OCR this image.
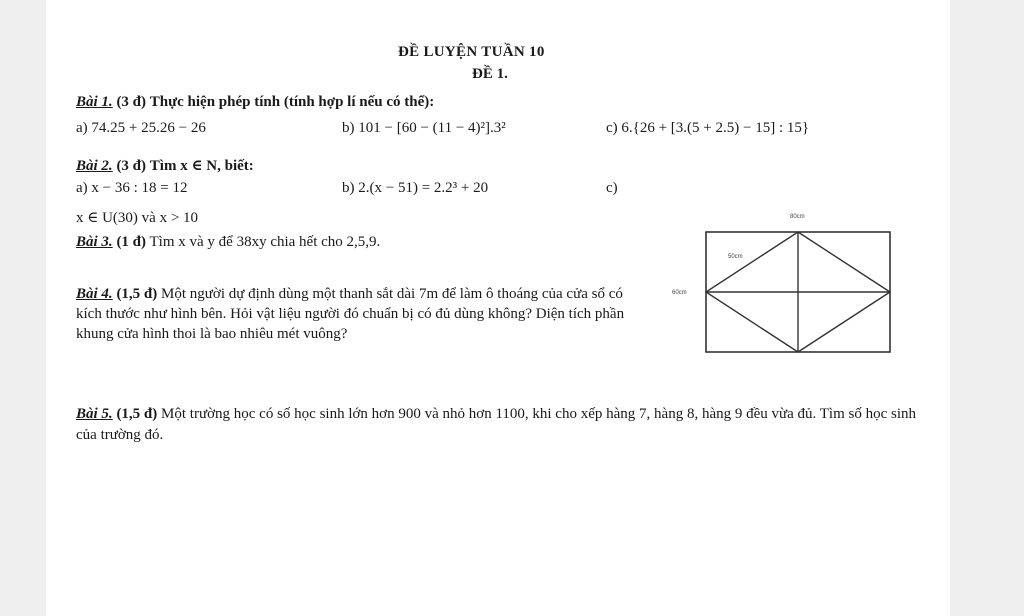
ĐỀ LUYỆN TUẦN 10
ĐỀ 1.
Bài 1. (3 đ) Thực hiện phép tính (tính hợp lí nếu có thể):
a) 74.25 + 25.26 − 26	b) 101 − [60 − (11 − 4)²].3²	c) 6.{26 + [3.(5 + 2.5) − 15] : 15}
Bài 2. (3 đ) Tìm x ∈ N, biết:
a) x − 36 : 18 = 12	b) 2.(x − 51) = 2.2³ + 20	c)
x ∈ U(30) và x > 10
Bài 3. (1 đ) Tìm x và y để 38xy chia hết cho 2,5,9.
Bài 4. (1,5 đ) Một người dự định dùng một thanh sắt dài 7m để làm ô thoáng của cửa sổ có kích thước như hình bên. Hỏi vật liệu người đó chuẩn bị có đủ dùng không? Diện tích phần khung cửa hình thoi là bao nhiêu mét vuông?
80cm
50cm
60cm
Bài 5. (1,5 đ) Một trường học có số học sinh lớn hơn 900 và nhỏ hơn 1100, khi cho xếp hàng 7, hàng 8, hàng 9 đều vừa đủ. Tìm số học sinh của trường đó.
